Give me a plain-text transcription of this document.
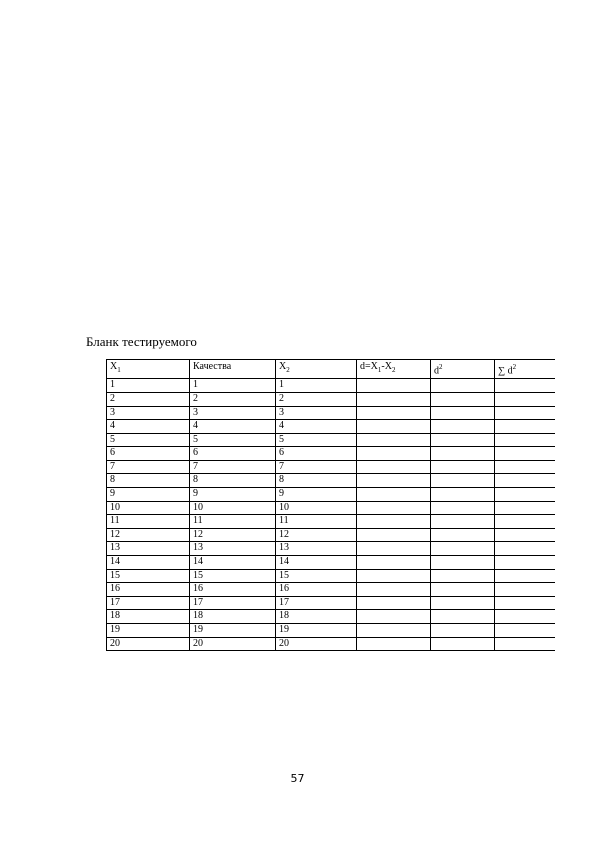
Бланк тестируемого
$X_1$	Качества	$X_2$	$d=X_1-X_2$	$d^2$	∑ $d^2$
1	1	1			
2	2	2			
3	3	3			
4	4	4			
5	5	5			
6	6	6			
7	7	7			
8	8	8			
9	9	9			
10	10	10			
11	11	11			
12	12	12			
13	13	13			
14	14	14			
15	15	15			
16	16	16			
17	17	17			
18	18	18			
19	19	19			
20	20	20			
57
